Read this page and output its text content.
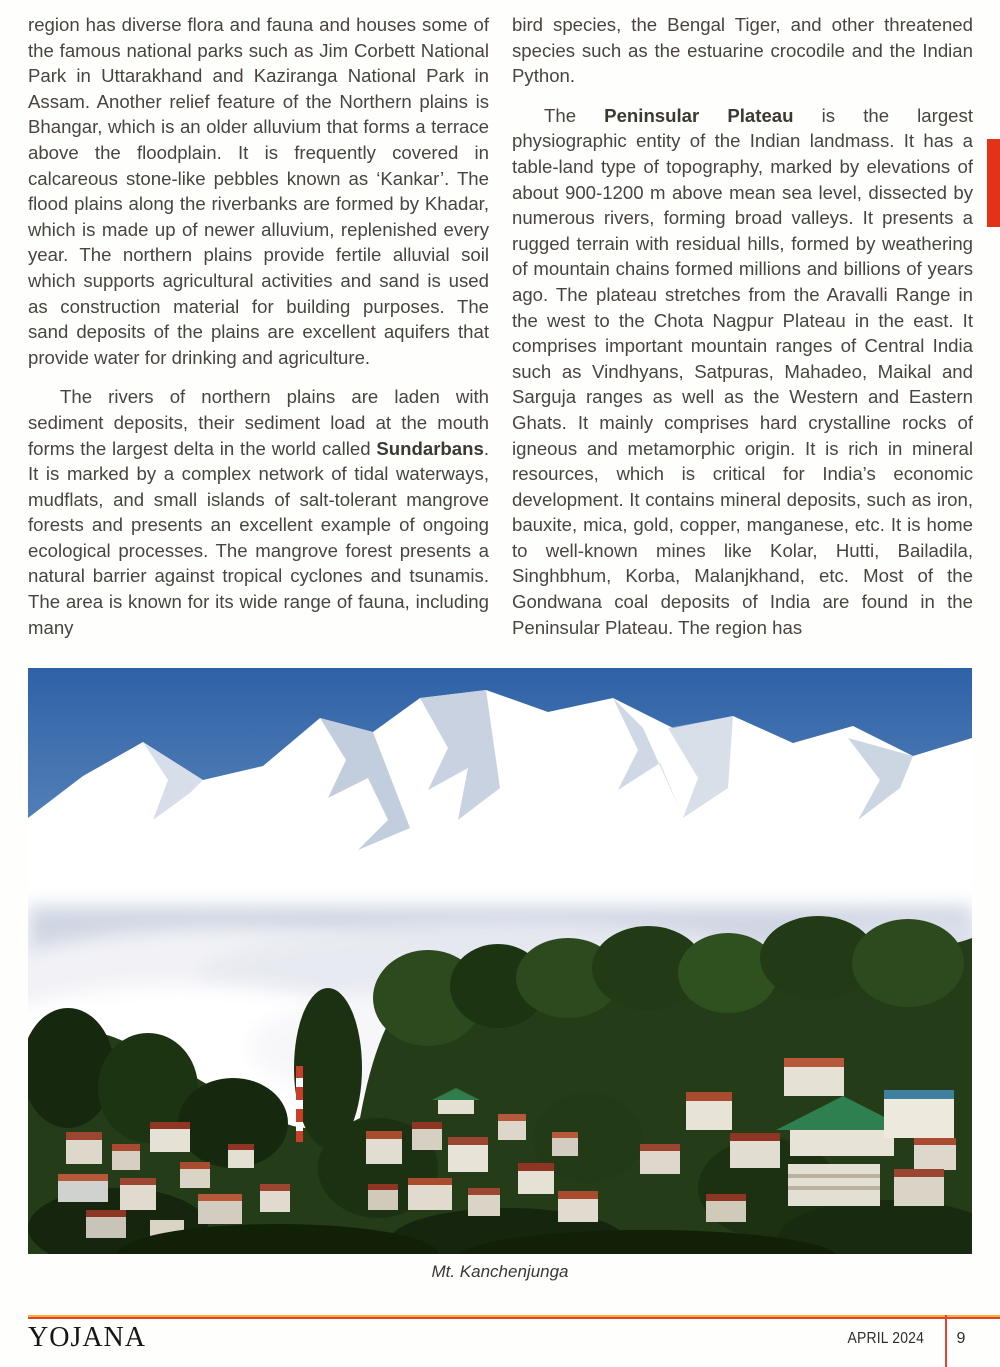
region has diverse flora and fauna and houses some of the famous national parks such as Jim Corbett National Park in Uttarakhand and Kaziranga National Park in Assam. Another relief feature of the Northern plains is Bhangar, which is an older alluvium that forms a terrace above the floodplain. It is frequently covered in calcareous stone-like pebbles known as ‘Kankar’. The flood plains along the riverbanks are formed by Khadar, which is made up of newer alluvium, replenished every year. The northern plains provide fertile alluvial soil which supports agricultural activities and sand is used as construction material for building purposes. The sand deposits of the plains are excellent aquifers that provide water for drinking and agriculture.

The rivers of northern plains are laden with sediment deposits, their sediment load at the mouth forms the largest delta in the world called Sundarbans. It is marked by a complex network of tidal waterways, mudflats, and small islands of salt-tolerant mangrove forests and presents an excellent example of ongoing ecological processes. The mangrove forest presents a natural barrier against tropical cyclones and tsunamis. The area is known for its wide range of fauna, including many

bird species, the Bengal Tiger, and other threatened species such as the estuarine crocodile and the Indian Python.

The Peninsular Plateau is the largest physiographic entity of the Indian landmass. It has a table-land type of topography, marked by elevations of about 900-1200 m above mean sea level, dissected by numerous rivers, forming broad valleys. It presents a rugged terrain with residual hills, formed by weathering of mountain chains formed millions and billions of years ago. The plateau stretches from the Aravalli Range in the west to the Chota Nagpur Plateau in the east. It comprises important mountain ranges of Central India such as Vindhyans, Satpuras, Mahadeo, Maikal and Sarguja ranges as well as the Western and Eastern Ghats. It mainly comprises hard crystalline rocks of igneous and metamorphic origin. It is rich in mineral resources, which is critical for India’s economic development. It contains mineral deposits, such as iron, bauxite, mica, gold, copper, manganese, etc. It is home to well-known mines like Kolar, Hutti, Bailadila, Singhbhum, Korba, Malanjkhand, etc. Most of the Gondwana coal deposits of India are found in the Peninsular Plateau. The region has

Mt. Kanchenjunga
YOJANA	APRIL 2024	9
